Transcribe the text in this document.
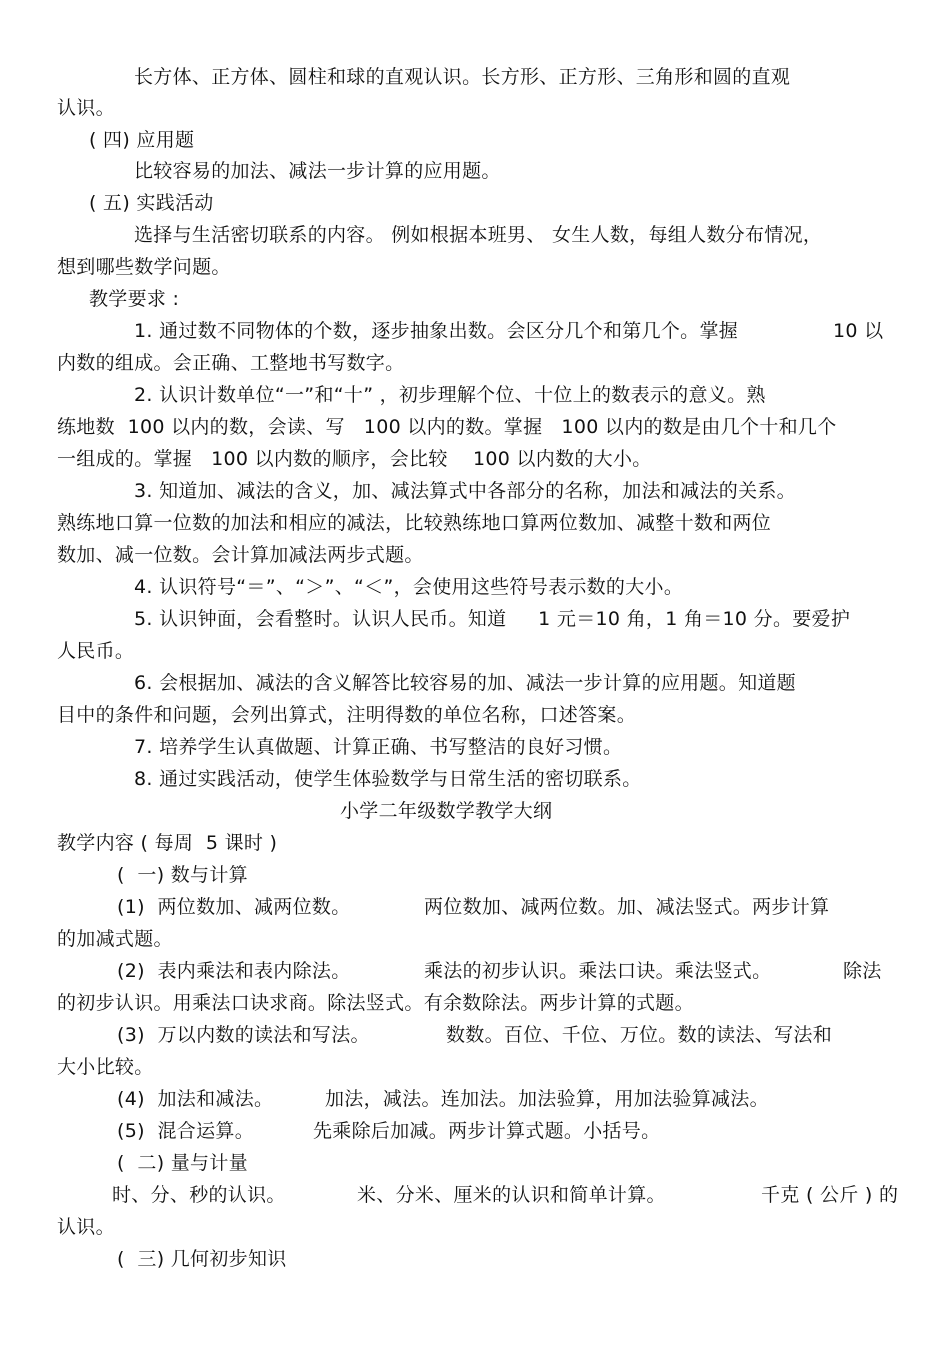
长方体、正方体、圆柱和球的直观认识。长方形、正方形、三角形和圆的直观
认识。
( 四) 应用题
比较容易的加法、减法一步计算的应用题。
( 五) 实践活动
选择与生活密切联系的内容。 例如根据本班男、 女生人数，每组人数分布情况，
想到哪些数学问题。
教学要求 :
1. 通过数不同物体的个数，逐步抽象出数。会区分几个和第几个。掌握	10 以
内数的组成。会正确、工整地书写数字。
2. 认识计数单位“一”和“十” ，初步理解个位、十位上的数表示的意义。熟
练地数  100 以内的数，会读、写   100 以内的数。掌握   100 以内的数是由几个十和几个
一组成的。掌握   100 以内数的顺序，会比较    100 以内数的大小。
3. 知道加、减法的含义，加、减法算式中各部分的名称，加法和减法的关系。
熟练地口算一位数的加法和相应的减法，比较熟练地口算两位数加、减整十数和两位
数加、减一位数。会计算加减法两步式题。
4. 认识符号“＝”、“＞”、“＜”，会使用这些符号表示数的大小。
5. 认识钟面，会看整时。认识人民币。知道     1 元＝10 角，1 角＝10 分。要爱护
人民币。
6. 会根据加、减法的含义解答比较容易的加、减法一步计算的应用题。知道题
目中的条件和问题，会列出算式，注明得数的单位名称，口述答案。
7. 培养学生认真做题、计算正确、书写整洁的良好习惯。
8. 通过实践活动，使学生体验数学与日常生活的密切联系。
小学二年级数学教学大纲
教学内容 ( 每周  5 课时 )
(  一) 数与计算
(1)  两位数加、减两位数。	两位数加、减两位数。加、减法竖式。两步计算
的加减式题。
(2)  表内乘法和表内除法。	乘法的初步认识。乘法口诀。乘法竖式。	除法
的初步认识。用乘法口诀求商。除法竖式。有余数除法。两步计算的式题。
(3)  万以内数的读法和写法。	数数。百位、千位、万位。数的读法、写法和
大小比较。
(4)  加法和减法。	加法，减法。连加法。加法验算，用加法验算减法。
(5)  混合运算。	先乘除后加减。两步计算式题。小括号。
(  二) 量与计量
时、分、秒的认识。	米、分米、厘米的认识和简单计算。	千克 ( 公斤 ) 的
认识。
(  三) 几何初步知识
